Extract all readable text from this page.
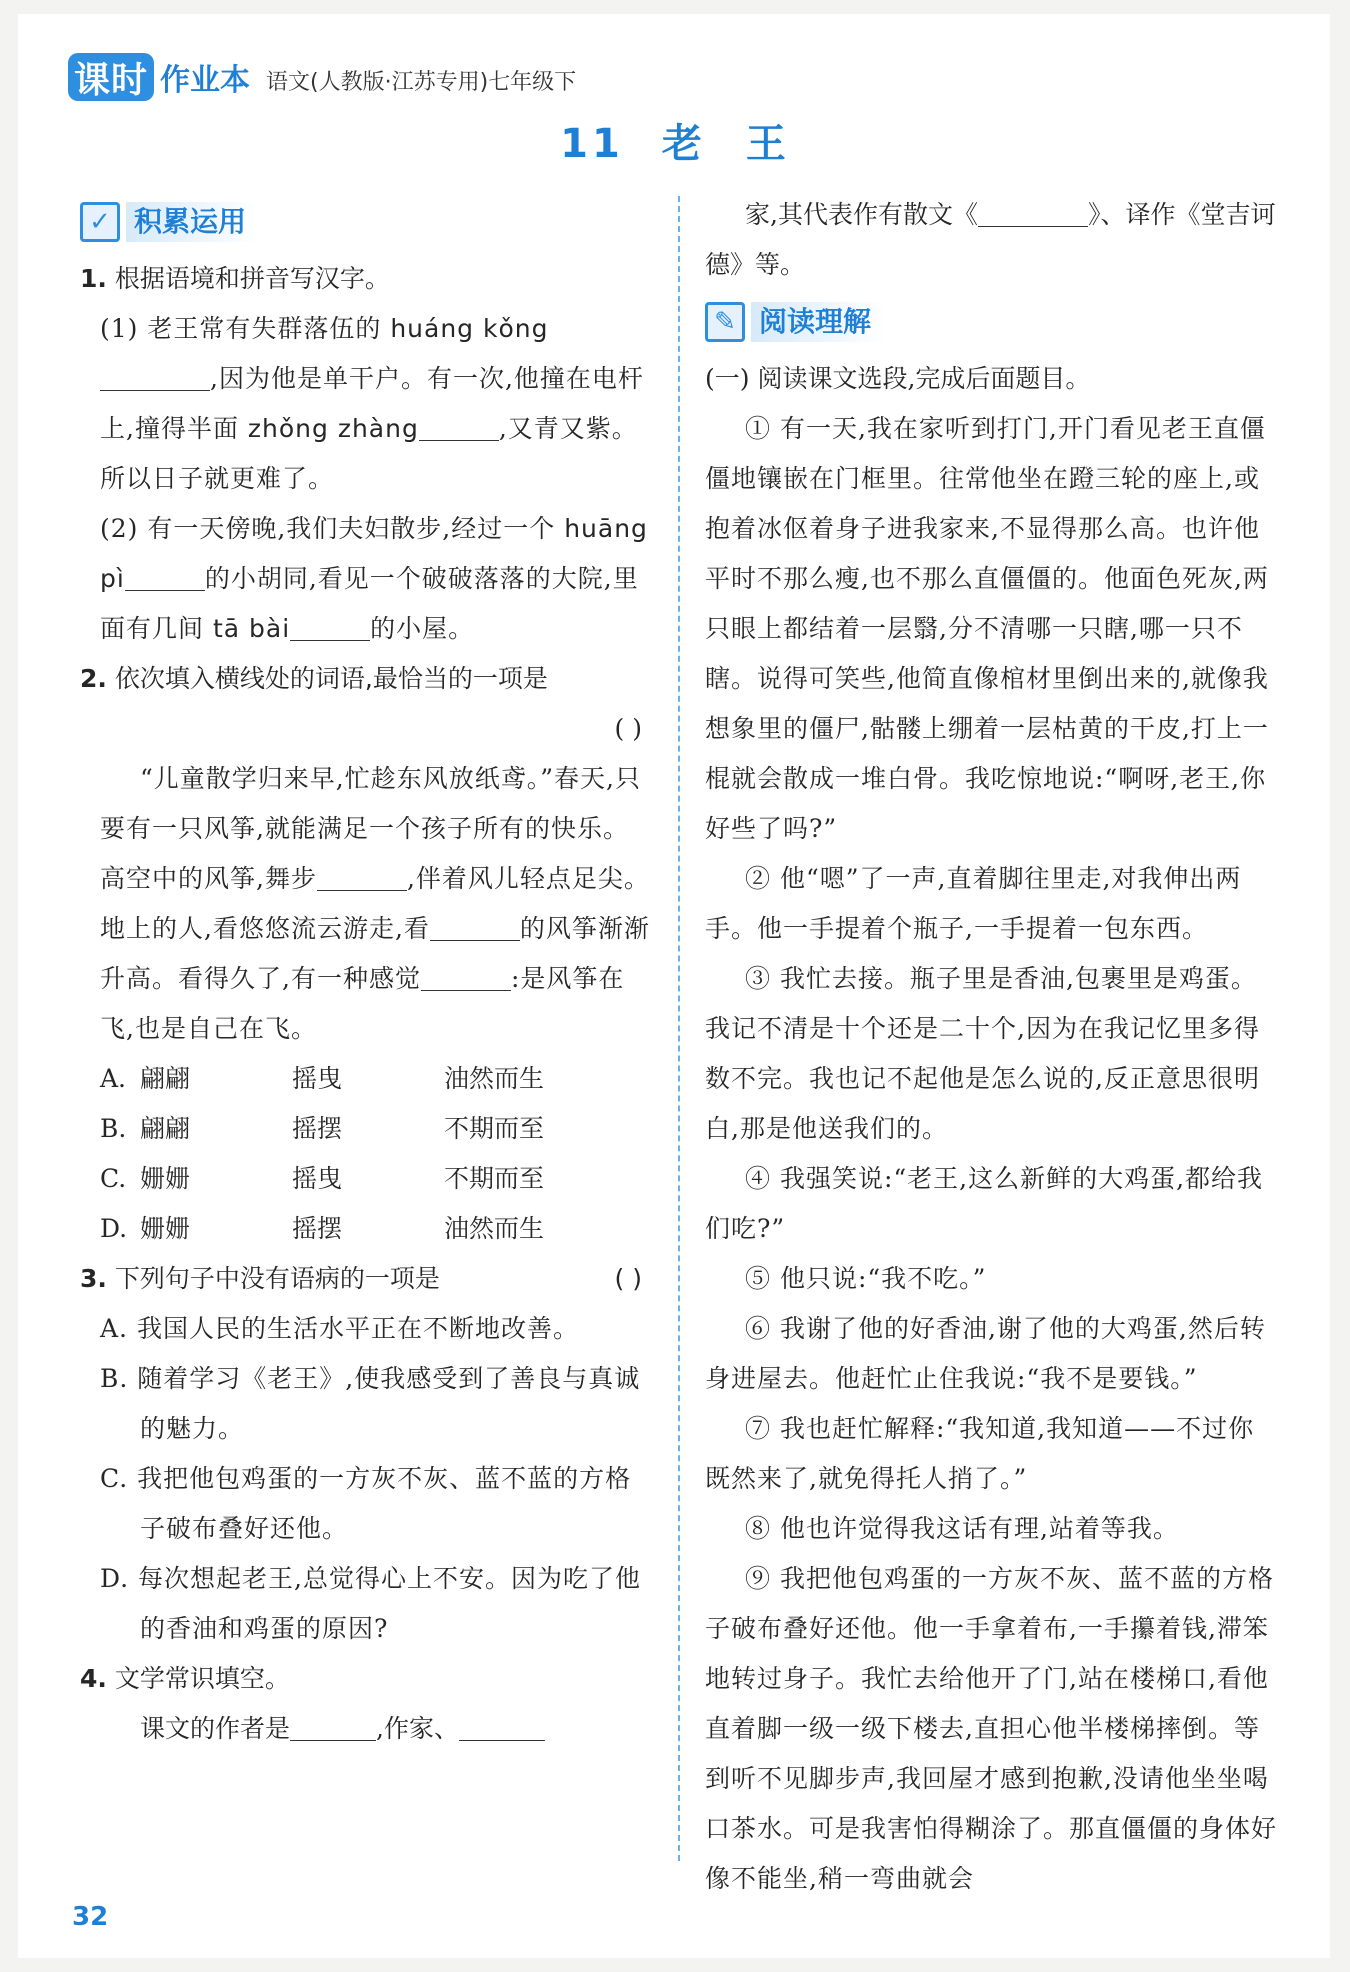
课时 作业本 语文(人教版·江苏专用)七年级下
11 老 王
✓ 积累运用

1. 根据语境和拼音写汉字。

(1) 老王常有失群落伍的 huáng kǒng,因为他是单干户。有一次,他撞在电杆上,撞得半面 zhǒng zhàng	,又青又紫。所以日子就更难了。

(2) 有一天傍晚,我们夫妇散步,经过一个 huāng pì	的小胡同,看见一个破破落落的大院,里面有几间 tā bài	的小屋。

2. 依次填入横线处的词语,最恰当的一项是

( )

“儿童散学归来早,忙趁东风放纸鸢。”春天,只要有一只风筝,就能满足一个孩子所有的快乐。高空中的风筝,舞步	,伴着风儿轻点足尖。地上的人,看悠悠流云游走,看	的风筝渐渐升高。看得久了,有一种感觉	:是风筝在飞,也是自己在飞。

A. 翩翩	摇曳	油然而生
B. 翩翩	摇摆	不期而至
C. 姗姗	摇曳	不期而至
D. 姗姗	摇摆	油然而生

3. 下列句子中没有语病的一项是	( )

A. 我国人民的生活水平正在不断地改善。

B. 随着学习《老王》,使我感受到了善良与真诚的魅力。

C. 我把他包鸡蛋的一方灰不灰、蓝不蓝的方格子破布叠好还他。

D. 每次想起老王,总觉得心上不安。因为吃了他的香油和鸡蛋的原因?

4. 文学常识填空。

课文的作者是	,作家、

家,其代表作有散文《	》、译作《堂吉诃德》等。

✎ 阅读理解

(一) 阅读课文选段,完成后面题目。

① 有一天,我在家听到打门,开门看见老王直僵僵地镶嵌在门框里。往常他坐在蹬三轮的座上,或抱着冰伛着身子进我家来,不显得那么高。也许他平时不那么瘦,也不那么直僵僵的。他面色死灰,两只眼上都结着一层翳,分不清哪一只瞎,哪一只不瞎。说得可笑些,他简直像棺材里倒出来的,就像我想象里的僵尸,骷髅上绷着一层枯黄的干皮,打上一棍就会散成一堆白骨。我吃惊地说:“啊呀,老王,你好些了吗?”

② 他“嗯”了一声,直着脚往里走,对我伸出两手。他一手提着个瓶子,一手提着一包东西。

③ 我忙去接。瓶子里是香油,包裹里是鸡蛋。我记不清是十个还是二十个,因为在我记忆里多得数不完。我也记不起他是怎么说的,反正意思很明白,那是他送我们的。

④ 我强笑说:“老王,这么新鲜的大鸡蛋,都给我们吃?”

⑤ 他只说:“我不吃。”

⑥ 我谢了他的好香油,谢了他的大鸡蛋,然后转身进屋去。他赶忙止住我说:“我不是要钱。”

⑦ 我也赶忙解释:“我知道,我知道——不过你既然来了,就免得托人捎了。”

⑧ 他也许觉得我这话有理,站着等我。

⑨ 我把他包鸡蛋的一方灰不灰、蓝不蓝的方格子破布叠好还他。他一手拿着布,一手攥着钱,滞笨地转过身子。我忙去给他开了门,站在楼梯口,看他直着脚一级一级下楼去,直担心他半楼梯摔倒。等到听不见脚步声,我回屋才感到抱歉,没请他坐坐喝口茶水。可是我害怕得糊涂了。那直僵僵的身体好像不能坐,稍一弯曲就会

32
